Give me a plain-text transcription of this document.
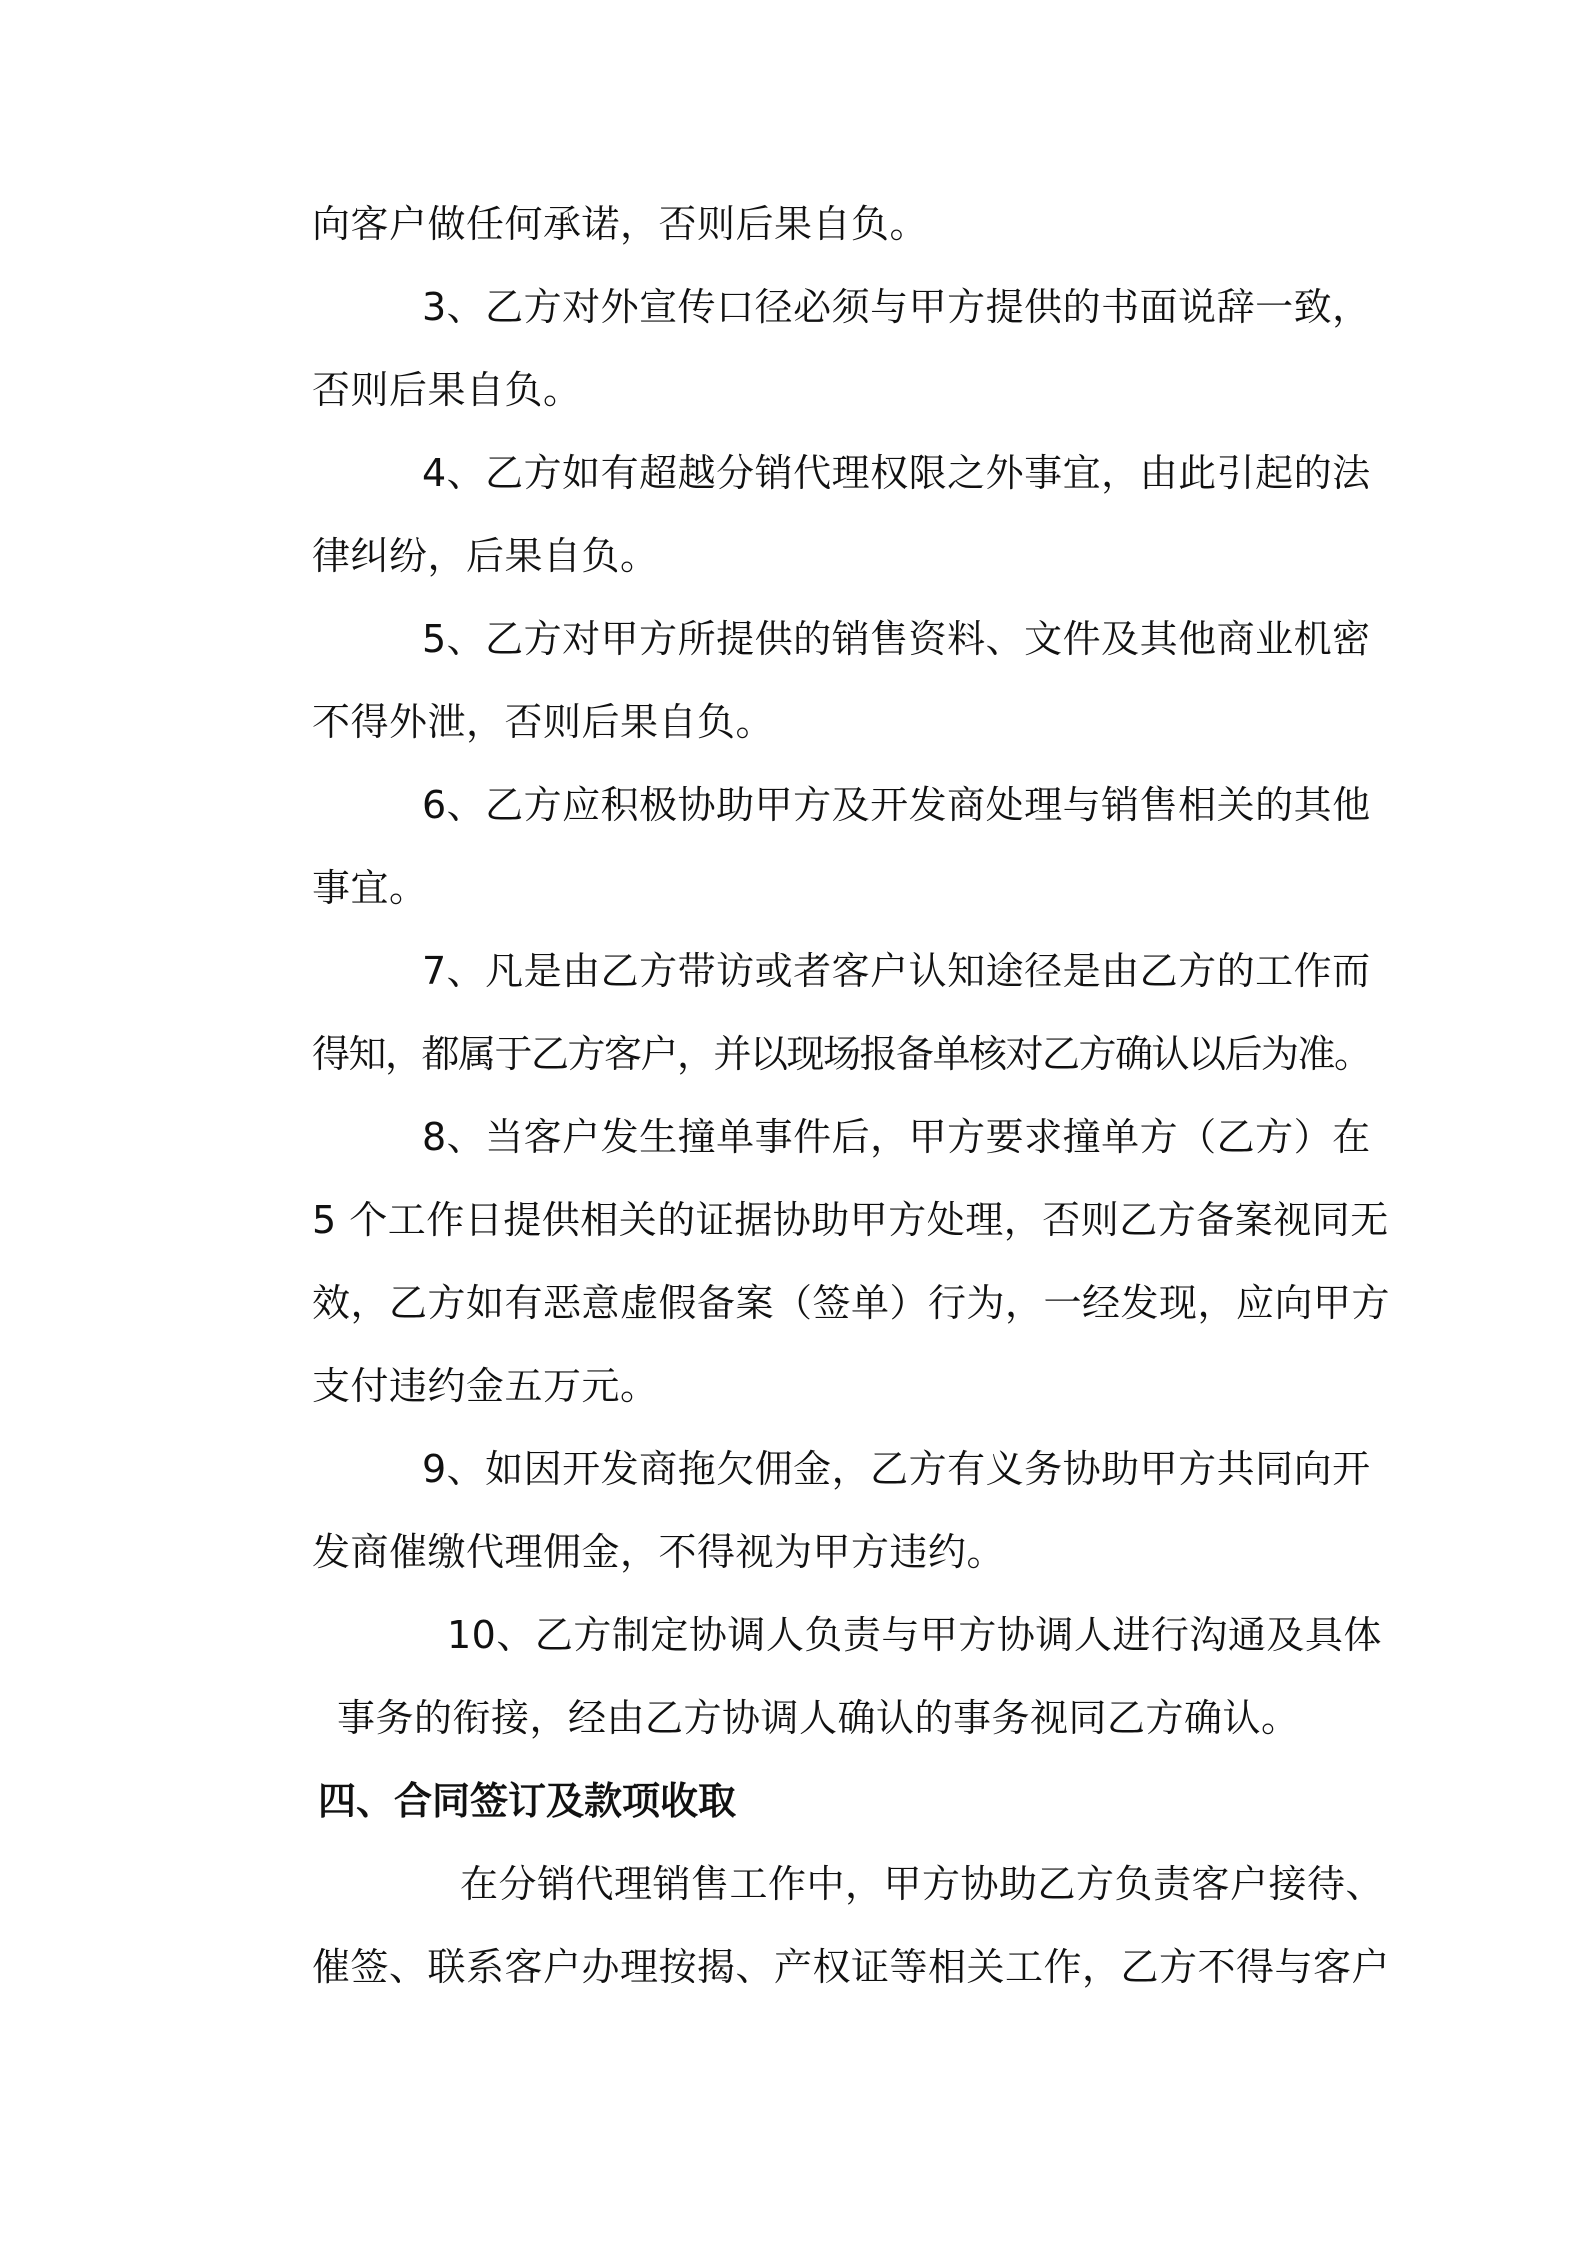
向客户做任何承诺，否则后果自负。
3、乙方对外宣传口径必须与甲方提供的书面说辞一致，
否则后果自负。
4、乙方如有超越分销代理权限之外事宜，由此引起的法
律纠纷，后果自负。
5、乙方对甲方所提供的销售资料、文件及其他商业机密
不得外泄，否则后果自负。
6、乙方应积极协助甲方及开发商处理与销售相关的其他
事宜。
7、凡是由乙方带访或者客户认知途径是由乙方的工作而
得知，都属于乙方客户，并以现场报备单核对乙方确认以后为准。
8、当客户发生撞单事件后，甲方要求撞单方（乙方）在
5 个工作日提供相关的证据协助甲方处理，否则乙方备案视同无
效，乙方如有恶意虚假备案（签单）行为，一经发现，应向甲方
支付违约金五万元。
9、如因开发商拖欠佣金，乙方有义务协助甲方共同向开
发商催缴代理佣金，不得视为甲方违约。
10、乙方制定协调人负责与甲方协调人进行沟通及具体
事务的衔接，经由乙方协调人确认的事务视同乙方确认。
四、合同签订及款项收取
在分销代理销售工作中，甲方协助乙方负责客户接待、
催签、联系客户办理按揭、产权证等相关工作，乙方不得与客户
